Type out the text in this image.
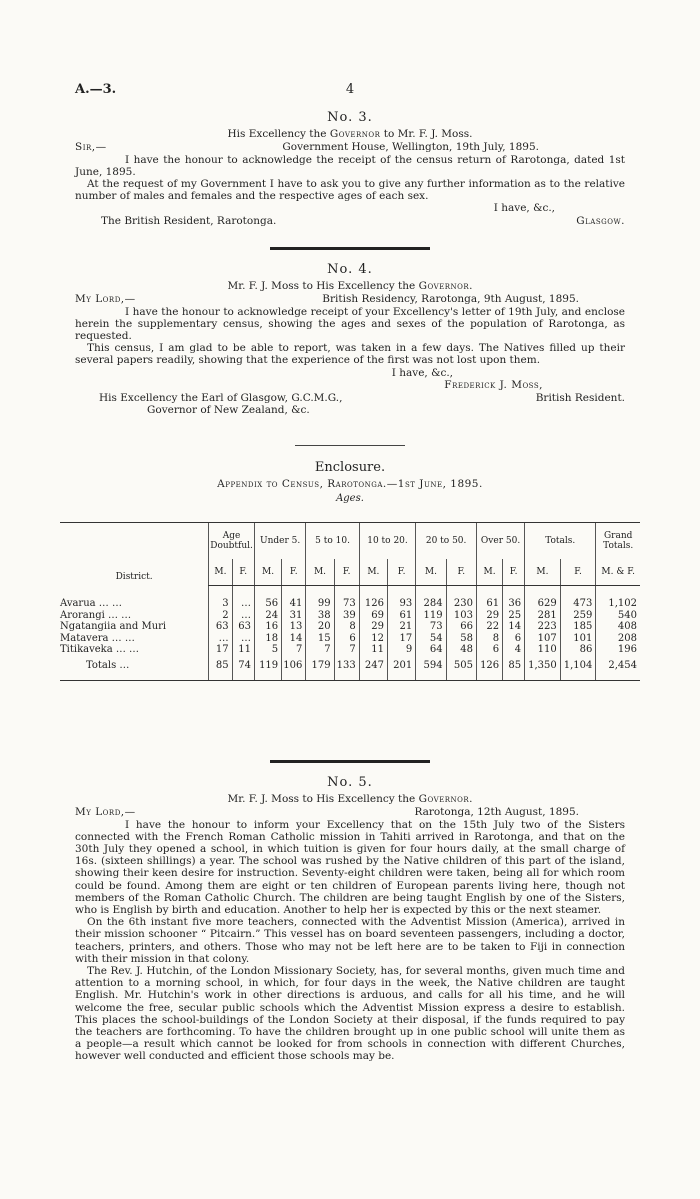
A.—3.	4
No. 3.
His Excellency the Governor to Mr. F. J. Moss.
Sir,—	Government House, Wellington, 19th July, 1895.

I have the honour to acknowledge the receipt of the census return of Rarotonga, dated 1st June, 1895.

At the request of my Government I have to ask you to give any further information as to the relative number of males and females and the respective ages of each sex.

I have, &c.,
The British Resident, Rarotonga.	Glasgow.
No. 4.
Mr. F. J. Moss to His Excellency the Governor.
My Lord,—	British Residency, Rarotonga, 9th August, 1895.

I have the honour to acknowledge receipt of your Excellency's letter of 19th July, and enclose herein the supplementary census, showing the ages and sexes of the population of Rarotonga, as requested.

This census, I am glad to be able to report, was taken in a few days. The Natives filled up their several papers readily, showing that the experience of the first was not lost upon them.

I have, &c.,
Frederick J. Moss,
His Excellency the Earl of Glasgow, G.C.M.G.,	British Resident.
Governor of New Zealand, &c.
Enclosure.
Appendix to Census, Rarotonga.—1st June, 1895.
Ages.
District.	Age Doubtful.		Under 5.		5 to 10.		10 to 20.		20 to 50.		Over 50.		Totals.		Grand Totals.
	M.	F.	M.	F.	M.	F.	M.	F.	M.	F.	M.	F.	M.	F.	M. & F.

Avarua … …	3	…	56	41	99	73	126	93	284	230	61	36	629	473	1,102
Arorangi … …	2	…	24	31	38	39	69	61	119	103	29	25	281	259	540
Ngatangiia and Muri	63	63	16	13	20	8	29	21	73	66	22	14	223	185	408
Matavera … …	…	…	18	14	15	6	12	17	54	58	8	6	107	101	208
Titikaveka … …	17	11	5	7	7	7	11	9	64	48	6	4	110	86	196
Totals …	85	74	119	106	179	133	247	201	594	505	126	85	1,350	1,104	2,454

No. 5.
Mr. F. J. Moss to His Excellency the Governor.
My Lord,—	Rarotonga, 12th August, 1895.

I have the honour to inform your Excellency that on the 15th July two of the Sisters connected with the French Roman Catholic mission in Tahiti arrived in Rarotonga, and that on the 30th July they opened a school, in which tuition is given for four hours daily, at the small charge of 16s. (sixteen shillings) a year. The school was rushed by the Native children of this part of the island, showing their keen desire for instruction. Seventy-eight children were taken, being all for which room could be found. Among them are eight or ten children of European parents living here, though not members of the Roman Catholic Church. The children are being taught English by one of the Sisters, who is English by birth and education. Another to help her is expected by this or the next steamer.

On the 6th instant five more teachers, connected with the Adventist Mission (America), arrived in their mission schooner “ Pitcairn.” This vessel has on board seventeen passengers, including a doctor, teachers, printers, and others. Those who may not be left here are to be taken to Fiji in connection with their mission in that colony.

The Rev. J. Hutchin, of the London Missionary Society, has, for several months, given much time and attention to a morning school, in which, for four days in the week, the Native children are taught English. Mr. Hutchin's work in other directions is arduous, and calls for all his time, and he will welcome the free, secular public schools which the Adventist Mission express a desire to establish. This places the school-buildings of the London Society at their disposal, if the funds required to pay the teachers are forthcoming. To have the children brought up in one public school will unite them as a people—a result which cannot be looked for from schools in connection with different Churches, however well conducted and efficient those schools may be.
